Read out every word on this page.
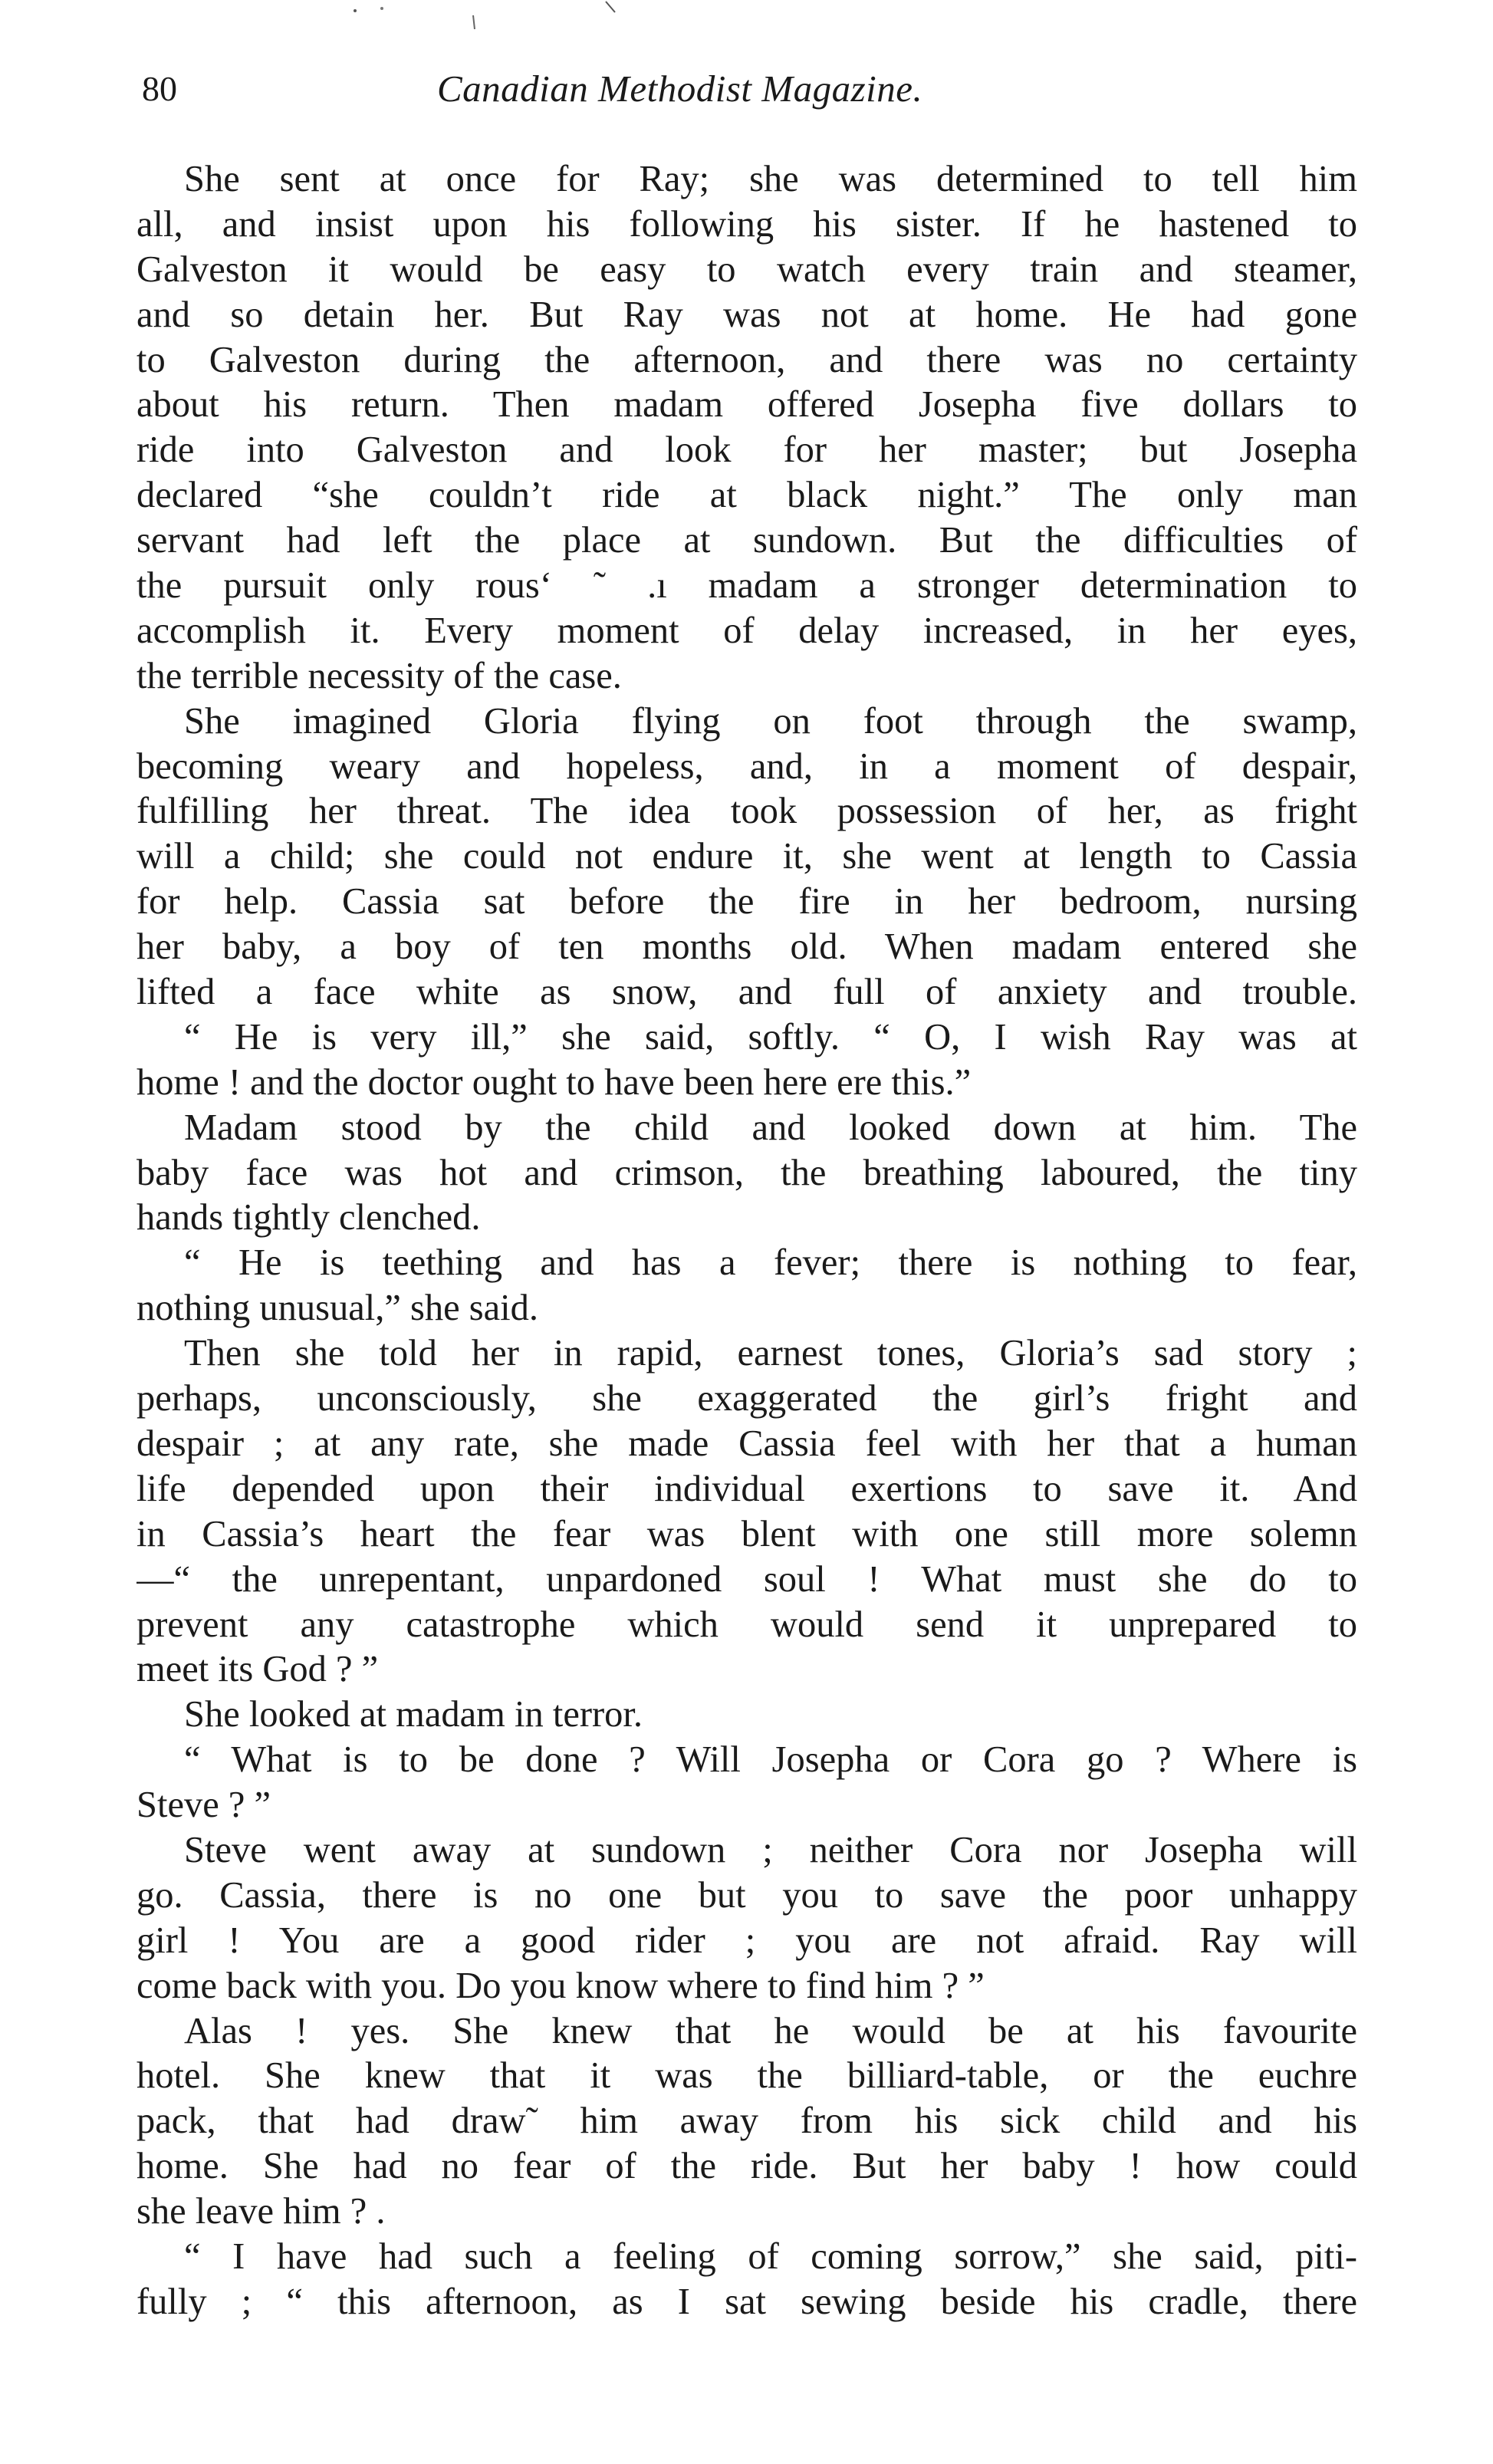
80	Canadian Methodist Magazine.
She sent at once for Ray; she was determined to tell him
all, and insist upon his following his sister. If he hastened to
Galveston it would be easy to watch every train and steamer,
and so detain her. But Ray was not at home. He had gone
to Galveston during the afternoon, and there was no certainty
about his return. Then madam offered Josepha five dollars to
ride into Galveston and look for her master; but Josepha
declared “she couldn’t ride at black night.” The only man
servant had left the place at sundown. But the difficulties of
the pursuit only rous‘ ˜ .ı madam a stronger determination to
accomplish it. Every moment of delay increased, in her eyes,
the terrible necessity of the case.
She imagined Gloria flying on foot through the swamp,
becoming weary and hopeless, and, in a moment of despair,
fulfilling her threat. The idea took possession of her, as fright
will a child; she could not endure it, she went at length to Cassia
for help. Cassia sat before the fire in her bedroom, nursing
her baby, a boy of ten months old. When madam entered she
lifted a face white as snow, and full of anxiety and trouble.
“ He is very ill,” she said, softly. “ O, I wish Ray was at
home ! and the doctor ought to have been here ere this.”
Madam stood by the child and looked down at him. The
baby face was hot and crimson, the breathing laboured, the tiny
hands tightly clenched.
“ He is teething and has a fever; there is nothing to fear,
nothing unusual,” she said.
Then she told her in rapid, earnest tones, Gloria’s sad story ;
perhaps, unconsciously, she exaggerated the girl’s fright and
despair ; at any rate, she made Cassia feel with her that a human
life depended upon their individual exertions to save it. And
in Cassia’s heart the fear was blent with one still more solemn
—“ the unrepentant, unpardoned soul ! What must she do to
prevent any catastrophe which would send it unprepared to
meet its God ? ”
She looked at madam in terror.
“ What is to be done ? Will Josepha or Cora go ? Where is
Steve ? ”
Steve went away at sundown ; neither Cora nor Josepha will
go. Cassia, there is no one but you to save the poor unhappy
girl ! You are a good rider ; you are not afraid. Ray will
come back with you. Do you know where to find him ? ”
Alas ! yes. She knew that he would be at his favourite
hotel. She knew that it was the billiard-table, or the euchre
pack, that had draw˜ him away from his sick child and his
home. She had no fear of the ride. But her baby ! how could
she leave him ? .
“ I have had such a feeling of coming sorrow,” she said, piti-
fully ; “ this afternoon, as I sat sewing beside his cradle, there
